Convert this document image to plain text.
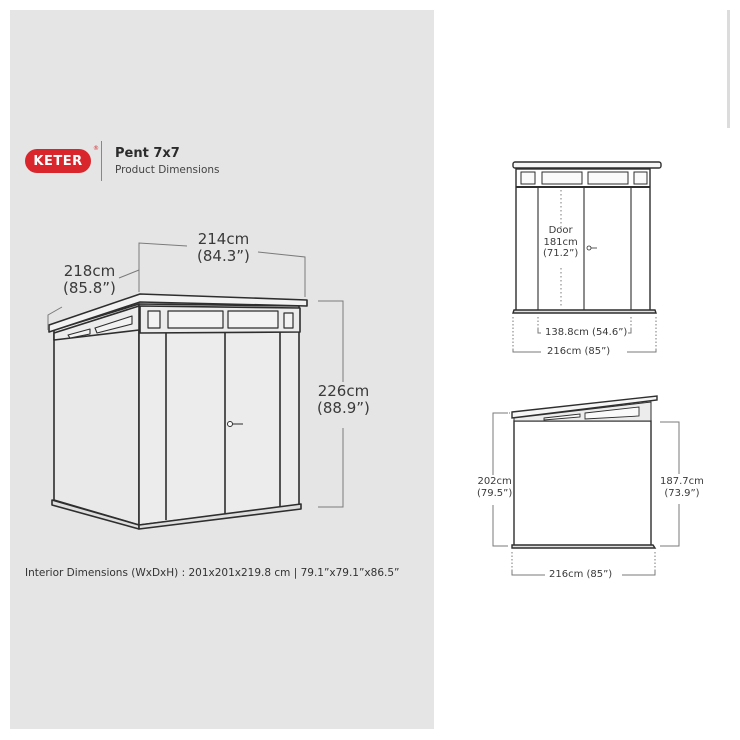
KETER
® Pent 7x7
Product Dimensions
214cm
(84.3”)
218cm
(85.8”)
226cm
(88.9”)
Interior Dimensions (WxDxH) : 201x201x219.8 cm | 79.1”x79.1”x86.5”
Door
181cm
(71.2”)
138.8cm (54.6”)
216cm (85”)
202cm
(79.5”)
187.7cm
(73.9”)
216cm (85”)
